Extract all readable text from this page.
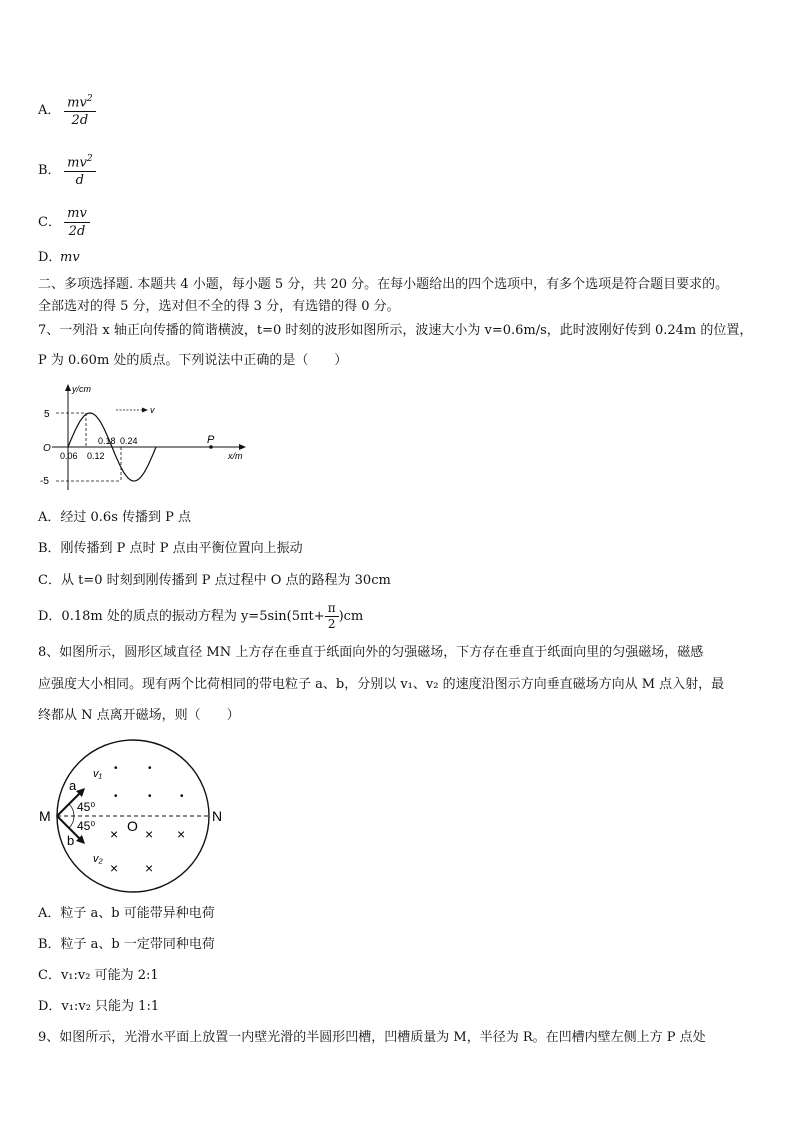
A． $\frac{mv^2}{2d}$
B． $\frac{mv^2}{d}$
C． $\frac{mv}{2d}$
D．mv
二、多项选择题. 本题共 4 小题，每小题 5 分，共 20 分。在每小题给出的四个选项中，有多个选项是符合题目要求的。
全部选对的得 5 分，选对但不全的得 3 分，有选错的得 0 分。
7、一列沿 x 轴正向传播的简谐横波，t=0 时刻的波形如图所示，波速大小为 v=0.6m/s，此时波刚好传到 0.24m 的位置，
P 为 0.60m 处的质点。下列说法中正确的是（　　）
y/cm
x/m
O
5
-5
0.06 0.12
0.18 0.24
v
P
A．经过 0.6s 传播到 P 点
B．刚传播到 P 点时 P 点由平衡位置向上振动
C．从 t=0 时刻到刚传播到 P 点过程中 O 点的路程为 30cm
D．0.18m 处的质点的振动方程为 $y=5\sin(5\pi t+ \frac{\pi}{2} )cm$
8、如图所示，圆形区域直径 MN 上方存在垂直于纸面向外的匀强磁场，下方存在垂直于纸面向里的匀强磁场，磁感
应强度大小相同。现有两个比荷相同的带电粒子 a、b，分别以 v₁、v₂ 的速度沿图示方向垂直磁场方向从 M 点入射，最
终都从 N 点离开磁场，则（　　）
M	N
O
a
b
v₁
v₂
45⁰
45⁰
•	•
•	•	•
× × ×
× ×
A．粒子 a、b 可能带异种电荷
B．粒子 a、b 一定带同种电荷
C．v₁:v₂ 可能为 2:1
D．v₁:v₂ 只能为 1:1
9、如图所示，光滑水平面上放置一内壁光滑的半圆形凹槽，凹槽质量为 M，半径为 R。在凹槽内壁左侧上方 P 点处
